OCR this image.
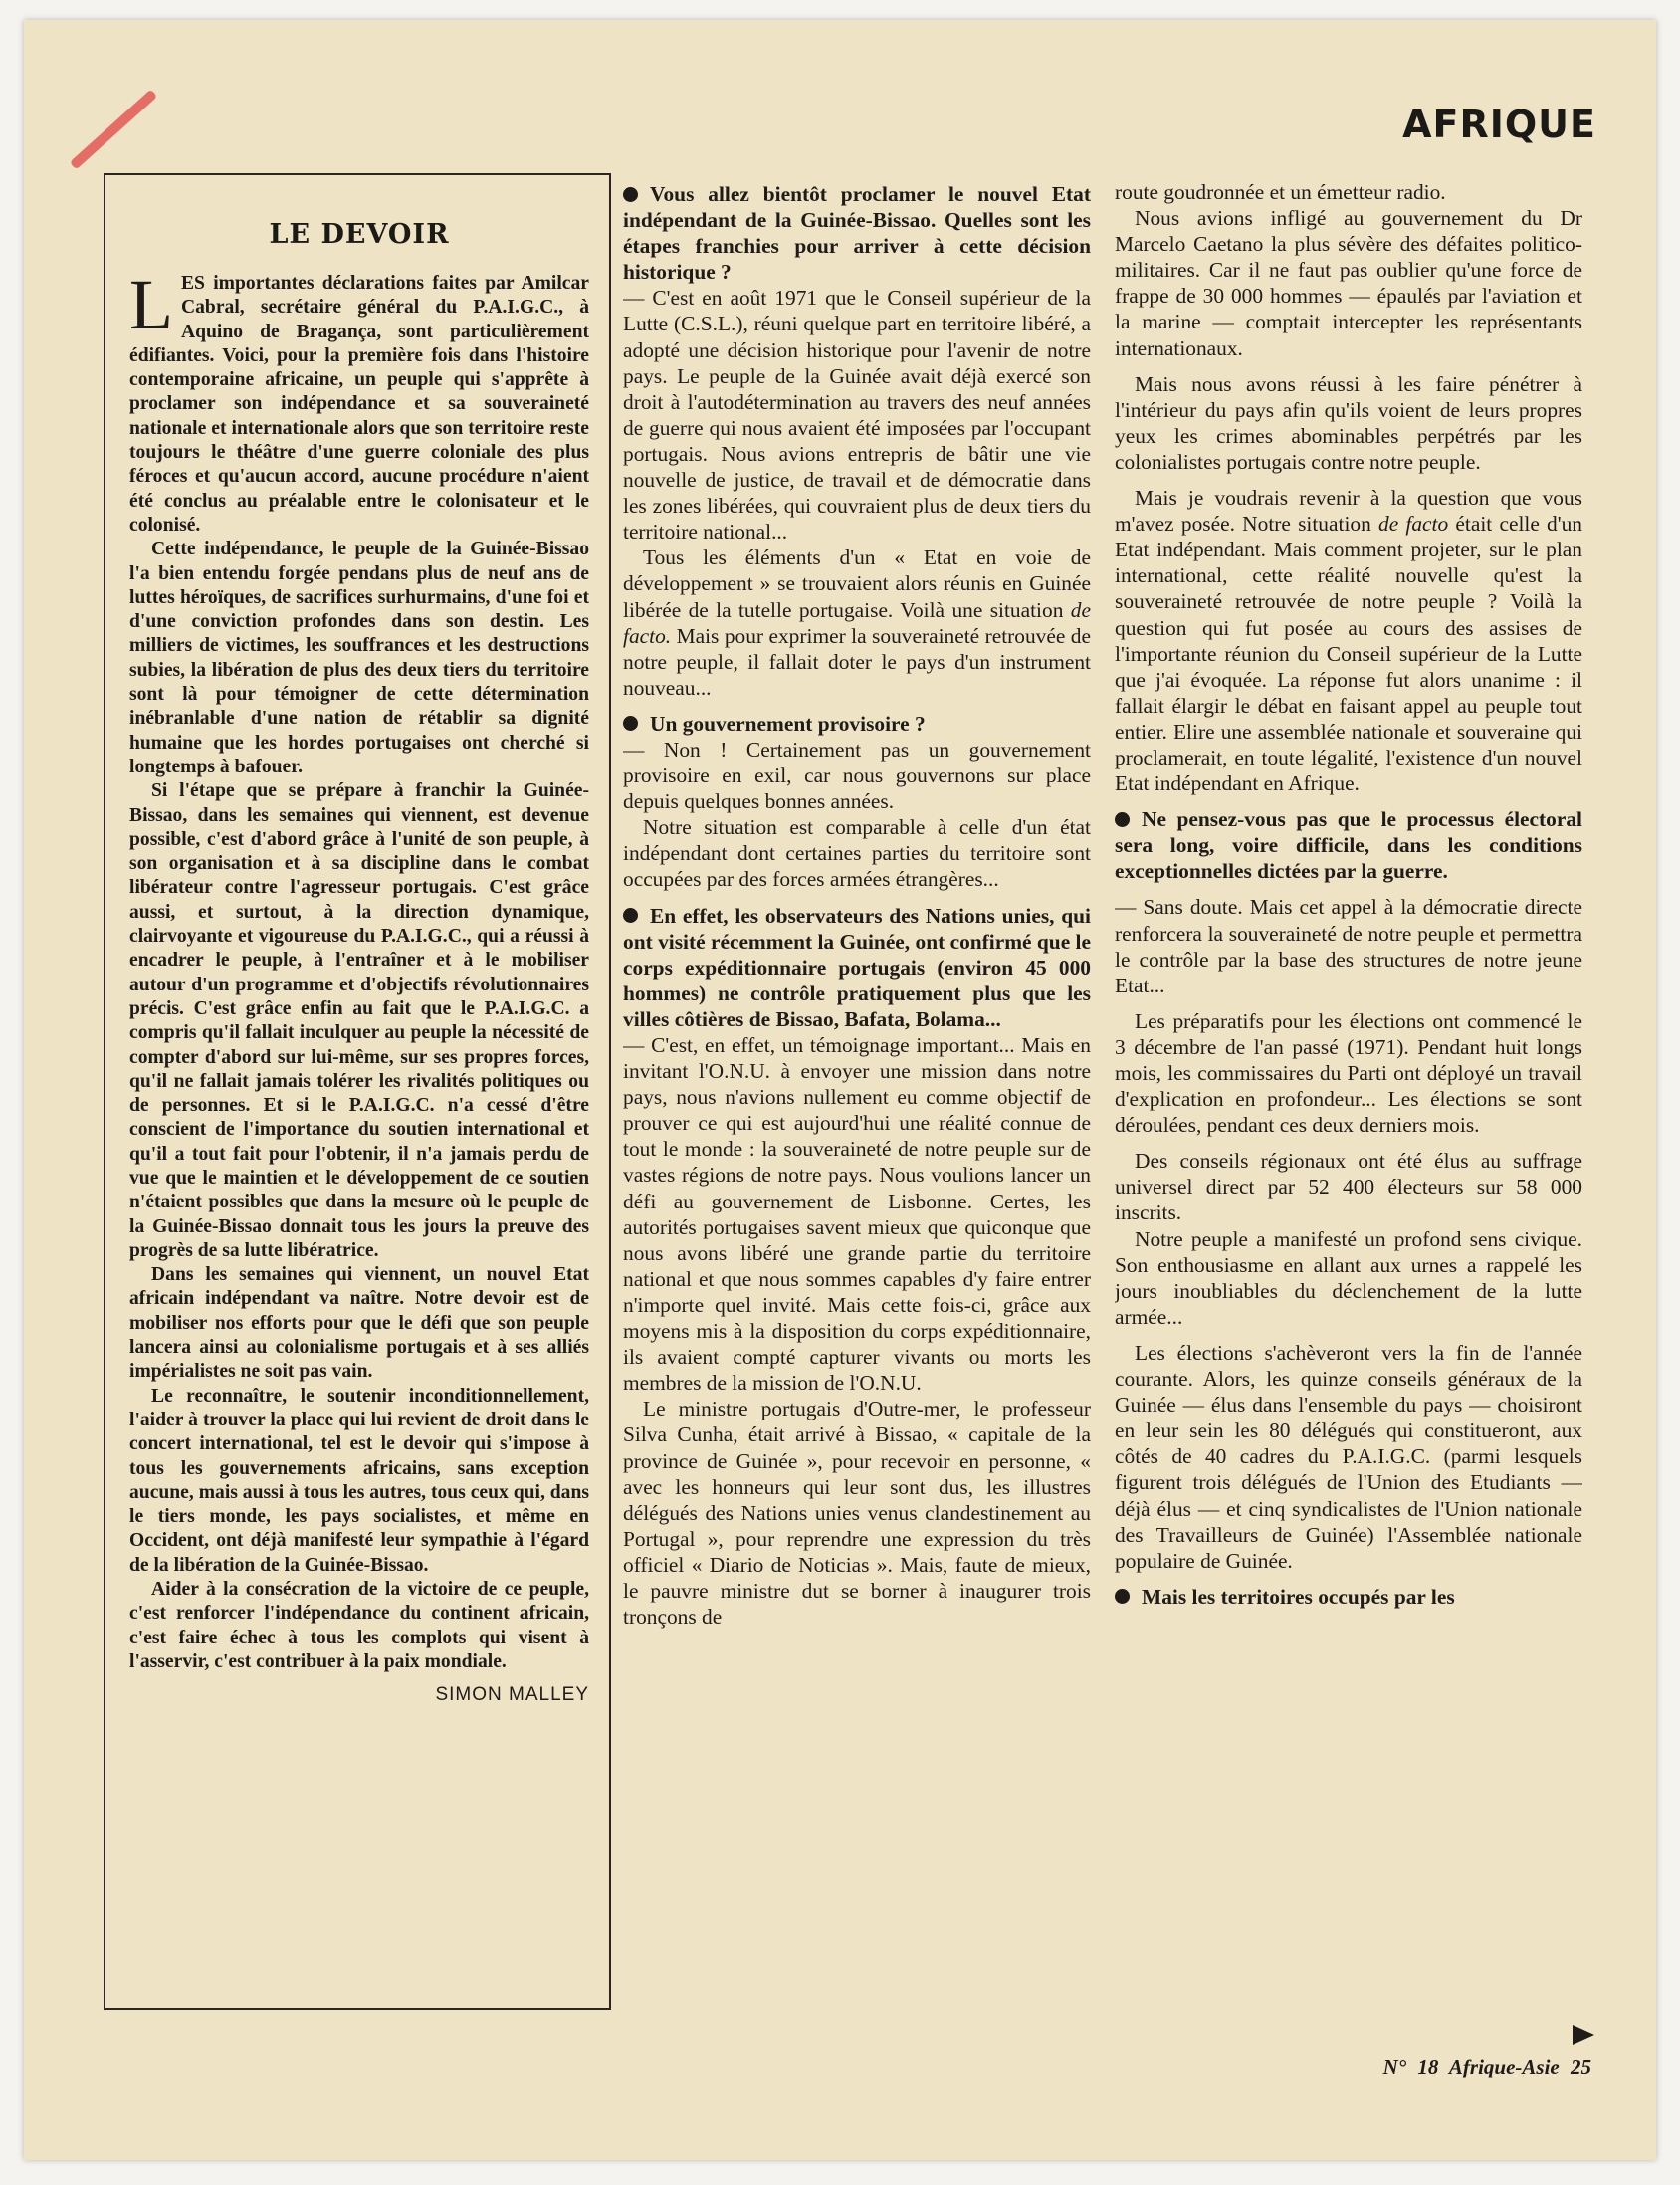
AFRIQUE
LE DEVOIR

LES importantes déclarations faites par Amilcar Cabral, secrétaire général du P.A.I.G.C., à Aquino de Bragança, sont particulièrement édifiantes. Voici, pour la première fois dans l'histoire contemporaine africaine, un peuple qui s'apprête à proclamer son indépendance et sa souveraineté nationale et internationale alors que son territoire reste toujours le théâtre d'une guerre coloniale des plus féroces et qu'aucun accord, aucune procédure n'aient été conclus au préalable entre le colonisateur et le colonisé.

Cette indépendance, le peuple de la Guinée-Bissao l'a bien entendu forgée pendans plus de neuf ans de luttes héroïques, de sacrifices surhurmains, d'une foi et d'une conviction profondes dans son destin. Les milliers de victimes, les souffrances et les destructions subies, la libération de plus des deux tiers du territoire sont là pour témoigner de cette détermination inébranlable d'une nation de rétablir sa dignité humaine que les hordes portugaises ont cherché si longtemps à bafouer.

Si l'étape que se prépare à franchir la Guinée-Bissao, dans les semaines qui viennent, est devenue possible, c'est d'abord grâce à l'unité de son peuple, à son organisation et à sa discipline dans le combat libérateur contre l'agresseur portugais. C'est grâce aussi, et surtout, à la direction dynamique, clairvoyante et vigoureuse du P.A.I.G.C., qui a réussi à encadrer le peuple, à l'entraîner et à le mobiliser autour d'un programme et d'objectifs révolutionnaires précis. C'est grâce enfin au fait que le P.A.I.G.C. a compris qu'il fallait inculquer au peuple la nécessité de compter d'abord sur lui-même, sur ses propres forces, qu'il ne fallait jamais tolérer les rivalités politiques ou de personnes. Et si le P.A.I.G.C. n'a cessé d'être conscient de l'importance du soutien international et qu'il a tout fait pour l'obtenir, il n'a jamais perdu de vue que le maintien et le développement de ce soutien n'étaient possibles que dans la mesure où le peuple de la Guinée-Bissao donnait tous les jours la preuve des progrès de sa lutte libératrice.

Dans les semaines qui viennent, un nouvel Etat africain indépendant va naître. Notre devoir est de mobiliser nos efforts pour que le défi que son peuple lancera ainsi au colonialisme portugais et à ses alliés impérialistes ne soit pas vain.

Le reconnaître, le soutenir inconditionnellement, l'aider à trouver la place qui lui revient de droit dans le concert international, tel est le devoir qui s'impose à tous les gouvernements africains, sans exception aucune, mais aussi à tous les autres, tous ceux qui, dans le tiers monde, les pays socialistes, et même en Occident, ont déjà manifesté leur sympathie à l'égard de la libération de la Guinée-Bissao.

Aider à la consécration de la victoire de ce peuple, c'est renforcer l'indépendance du continent africain, c'est faire échec à tous les complots qui visent à l'asservir, c'est contribuer à la paix mondiale.

SIMON MALLEY

Vous allez bientôt proclamer le nouvel Etat indépendant de la Guinée-Bissao. Quelles sont les étapes franchies pour arriver à cette décision historique ?

— C'est en août 1971 que le Conseil supérieur de la Lutte (C.S.L.), réuni quelque part en territoire libéré, a adopté une décision historique pour l'avenir de notre pays. Le peuple de la Guinée avait déjà exercé son droit à l'autodétermination au travers des neuf années de guerre qui nous avaient été imposées par l'occupant portugais. Nous avions entrepris de bâtir une vie nouvelle de justice, de travail et de démocratie dans les zones libérées, qui couvraient plus de deux tiers du territoire national...

Tous les éléments d'un « Etat en voie de développement » se trouvaient alors réunis en Guinée libérée de la tutelle portugaise. Voilà une situation de facto. Mais pour exprimer la souveraineté retrouvée de notre peuple, il fallait doter le pays d'un instrument nouveau...

Un gouvernement provisoire ?

— Non ! Certainement pas un gouvernement provisoire en exil, car nous gouvernons sur place depuis quelques bonnes années.

Notre situation est comparable à celle d'un état indépendant dont certaines parties du territoire sont occupées par des forces armées étrangères...

En effet, les observateurs des Nations unies, qui ont visité récemment la Guinée, ont confirmé que le corps expéditionnaire portugais (environ 45 000 hommes) ne contrôle pratiquement plus que les villes côtières de Bissao, Bafata, Bolama...

— C'est, en effet, un témoignage important... Mais en invitant l'O.N.U. à envoyer une mission dans notre pays, nous n'avions nullement eu comme objectif de prouver ce qui est aujourd'hui une réalité connue de tout le monde : la souveraineté de notre peuple sur de vastes régions de notre pays. Nous voulions lancer un défi au gouvernement de Lisbonne. Certes, les autorités portugaises savent mieux que quiconque que nous avons libéré une grande partie du territoire national et que nous sommes capables d'y faire entrer n'importe quel invité. Mais cette fois-ci, grâce aux moyens mis à la disposition du corps expéditionnaire, ils avaient compté capturer vivants ou morts les membres de la mission de l'O.N.U.

Le ministre portugais d'Outre-mer, le professeur Silva Cunha, était arrivé à Bissao, « capitale de la province de Guinée », pour recevoir en personne, « avec les honneurs qui leur sont dus, les illustres délégués des Nations unies venus clandestinement au Portugal », pour reprendre une expression du très officiel « Diario de Noticias ». Mais, faute de mieux, le pauvre ministre dut se borner à inaugurer trois tronçons de

route goudronnée et un émetteur radio.

Nous avions infligé au gouvernement du Dr Marcelo Caetano la plus sévère des défaites politico-militaires. Car il ne faut pas oublier qu'une force de frappe de 30 000 hommes — épaulés par l'aviation et la marine — comptait intercepter les représentants internationaux.

Mais nous avons réussi à les faire pénétrer à l'intérieur du pays afin qu'ils voient de leurs propres yeux les crimes abominables perpétrés par les colonialistes portugais contre notre peuple.

Mais je voudrais revenir à la question que vous m'avez posée. Notre situation de facto était celle d'un Etat indépendant. Mais comment projeter, sur le plan international, cette réalité nouvelle qu'est la souveraineté retrouvée de notre peuple ? Voilà la question qui fut posée au cours des assises de l'importante réunion du Conseil supérieur de la Lutte que j'ai évoquée. La réponse fut alors unanime : il fallait élargir le débat en faisant appel au peuple tout entier. Elire une assemblée nationale et souveraine qui proclamerait, en toute légalité, l'existence d'un nouvel Etat indépendant en Afrique.

Ne pensez-vous pas que le processus électoral sera long, voire difficile, dans les conditions exceptionnelles dictées par la guerre.

— Sans doute. Mais cet appel à la démocratie directe renforcera la souveraineté de notre peuple et permettra le contrôle par la base des structures de notre jeune Etat...

Les préparatifs pour les élections ont commencé le 3 décembre de l'an passé (1971). Pendant huit longs mois, les commissaires du Parti ont déployé un travail d'explication en profondeur... Les élections se sont déroulées, pendant ces deux derniers mois.

Des conseils régionaux ont été élus au suffrage universel direct par 52 400 électeurs sur 58 000 inscrits.

Notre peuple a manifesté un profond sens civique. Son enthousiasme en allant aux urnes a rappelé les jours inoubliables du déclenchement de la lutte armée...

Les élections s'achèveront vers la fin de l'année courante. Alors, les quinze conseils généraux de la Guinée — élus dans l'ensemble du pays — choisiront en leur sein les 80 délégués qui constitueront, aux côtés de 40 cadres du P.A.I.G.C. (parmi lesquels figurent trois délégués de l'Union des Etudiants — déjà élus — et cinq syndicalistes de l'Union nationale des Travailleurs de Guinée) l'Assemblée nationale populaire de Guinée.

Mais les territoires occupés par les

N° 18 Afrique-Asie 25
